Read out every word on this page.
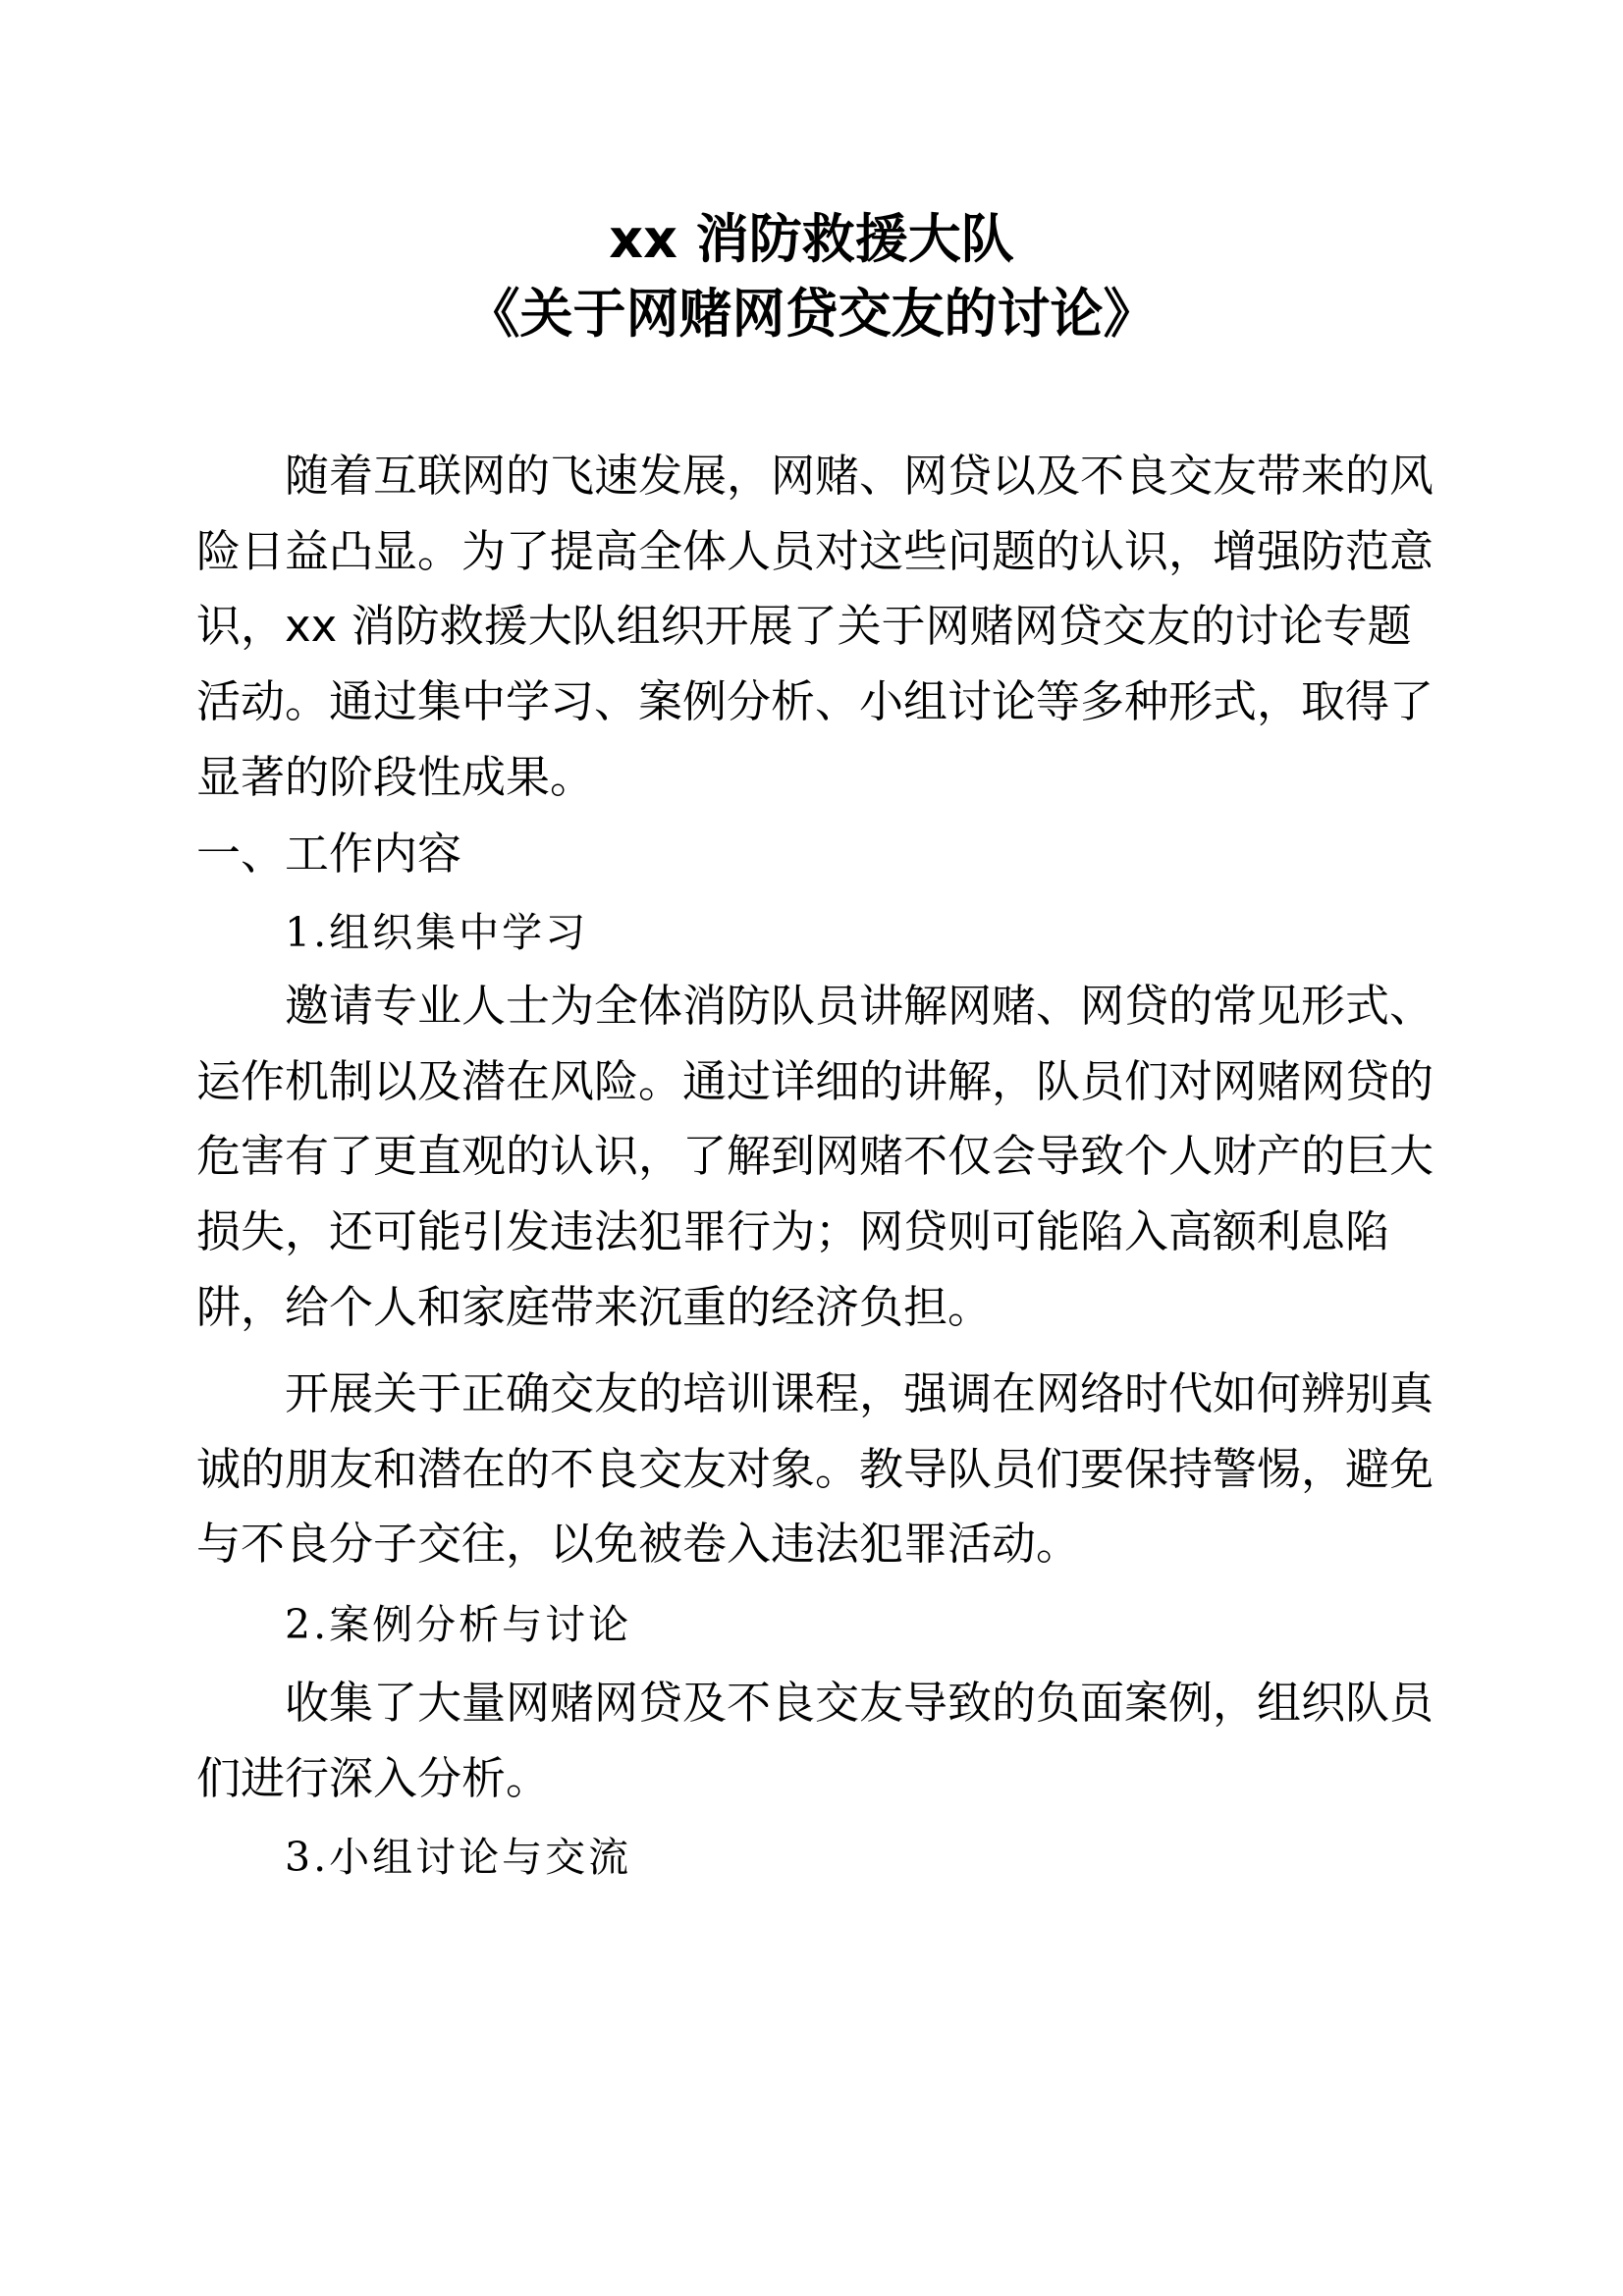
xx 消防救援大队
《关于网赌网贷交友的讨论》
随着互联网的飞速发展，网赌、网贷以及不良交友带来的风
险日益凸显。为了提高全体人员对这些问题的认识，增强防范意
识，xx 消防救援大队组织开展了关于网赌网贷交友的讨论专题
活动。通过集中学习、案例分析、小组讨论等多种形式，取得了
显著的阶段性成果。
一、工作内容
1.组织集中学习
邀请专业人士为全体消防队员讲解网赌、网贷的常见形式、
运作机制以及潜在风险。通过详细的讲解，队员们对网赌网贷的
危害有了更直观的认识，了解到网赌不仅会导致个人财产的巨大
损失，还可能引发违法犯罪行为；网贷则可能陷入高额利息陷
阱，给个人和家庭带来沉重的经济负担。
开展关于正确交友的培训课程，强调在网络时代如何辨别真
诚的朋友和潜在的不良交友对象。教导队员们要保持警惕，避免
与不良分子交往，以免被卷入违法犯罪活动。
2.案例分析与讨论
收集了大量网赌网贷及不良交友导致的负面案例，组织队员
们进行深入分析。
3.小组讨论与交流
